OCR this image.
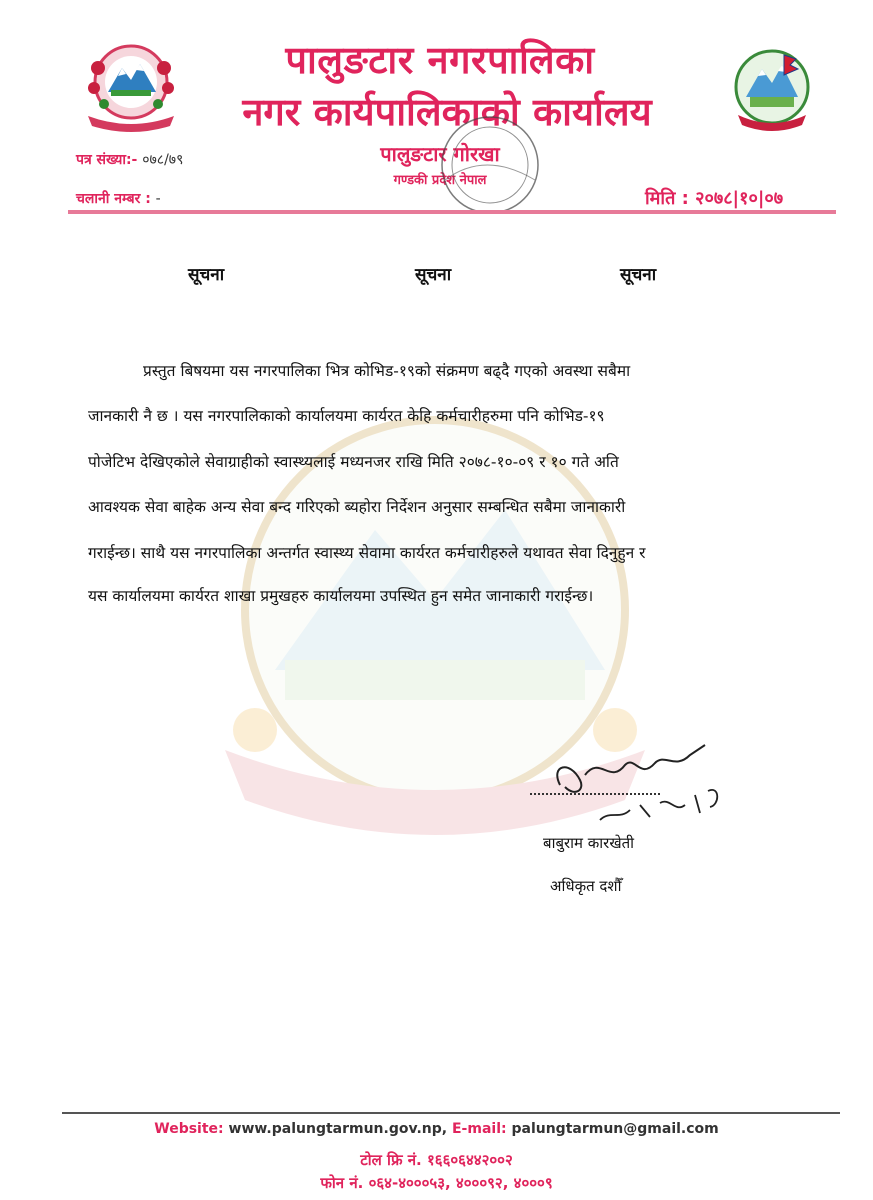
पालुङटार नगरपालिका
नगर कार्यपालिकाको कार्यालय
पालुङटार गोरखा
गण्डकी प्रदेश नेपाल
पत्र संख्या:- ०७८/७९
चलानी नम्बर : -	मिति : २०७८|१०|०७
सूचना	सूचना	सूचना
प्रस्तुत बिषयमा यस नगरपालिका भित्र कोभिड-१९को संक्रमण बढ्दै गएको अवस्था सबैमा
जानकारी नै छ । यस नगरपालिकाको कार्यालयमा कार्यरत केहि कर्मचारीहरुमा पनि कोभिड-१९
पोजेटिभ देखिएकोले सेवाग्राहीको स्वास्थ्यलाई मध्यनजर राखि मिति २०७८-१०-०९ र १० गते अति
आवश्यक सेवा बाहेक अन्य सेवा बन्द गरिएको ब्यहोरा निर्देशन अनुसार सम्बन्धित सबैमा जानाकारी
गराईन्छ। साथै यस नगरपालिका अन्तर्गत स्वास्थ्य सेवामा कार्यरत कर्मचारीहरुले यथावत सेवा दिनुहुन र
यस कार्यालयमा कार्यरत शाखा प्रमुखहरु कार्यालयमा उपस्थित हुन समेत जानाकारी गराईन्छ।
बाबुराम कारखेती
अधिकृत दशौँ
Website: www.palungtarmun.gov.np, E-mail: palungtarmun@gmail.com
टोल फ्रि नं. १६६०६४४२००२
फोन नं. ०६४-४०००५३, ४०००९२, ४०००९
